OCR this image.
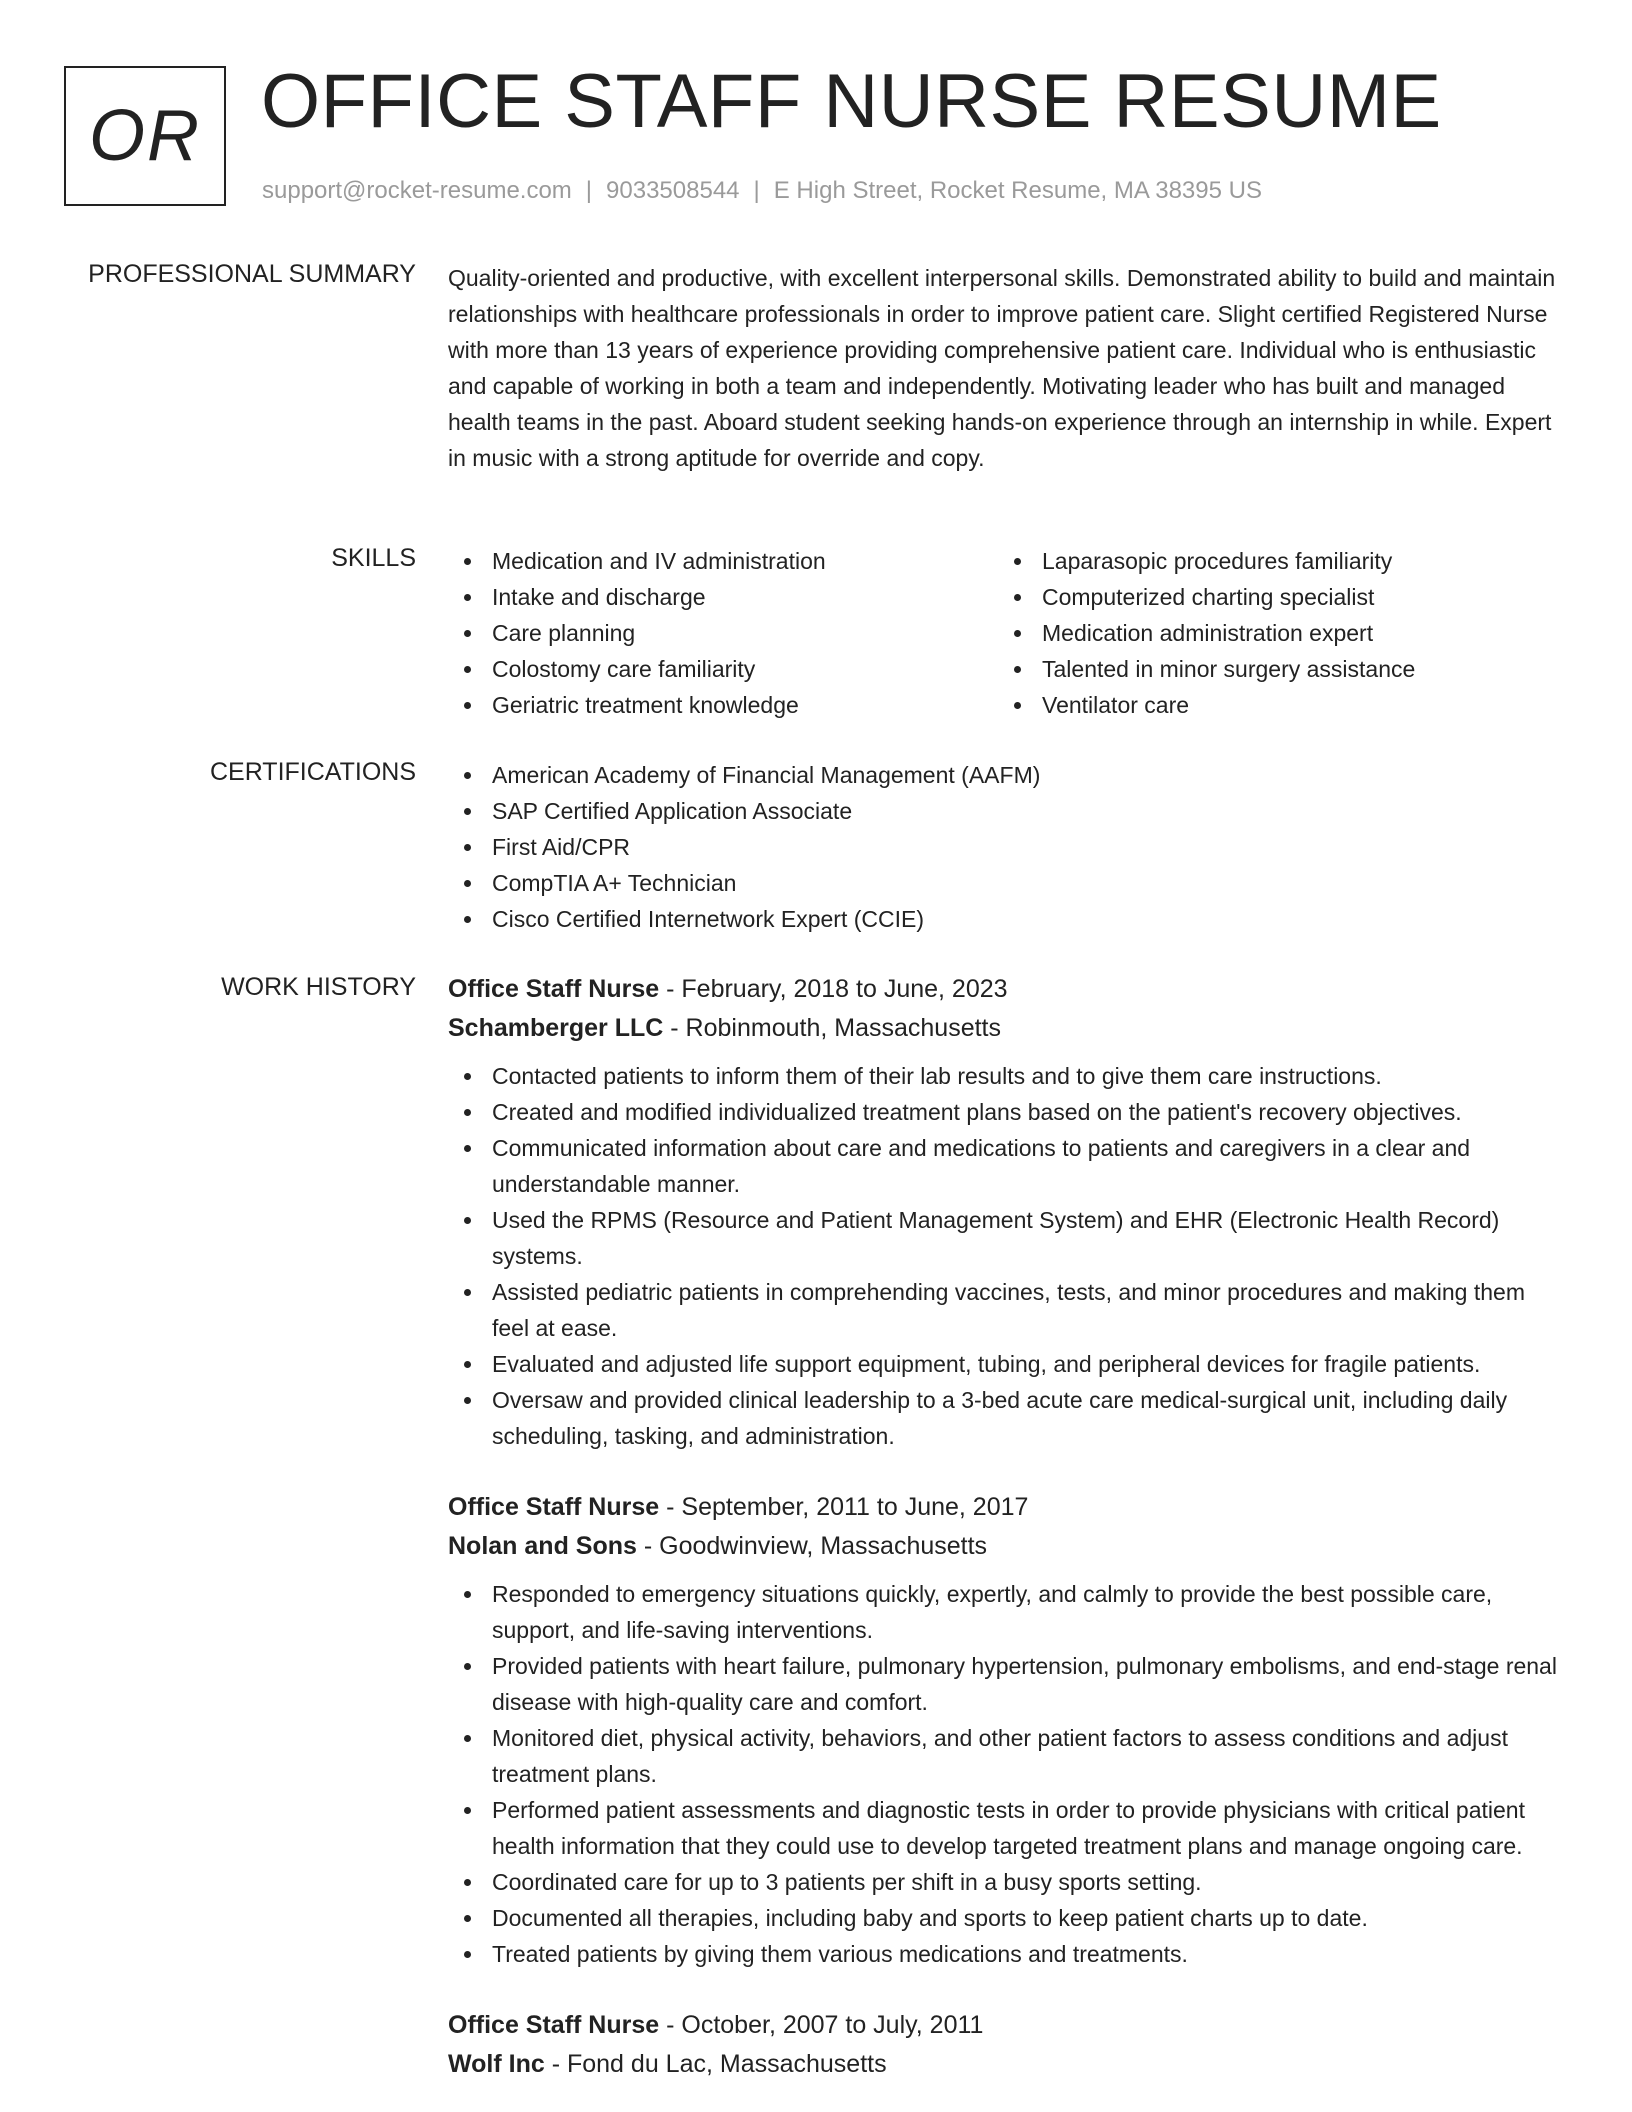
OR OFFICE STAFF NURSE RESUME
support@rocket-resume.com | 9033508544 | E High Street, Rocket Resume, MA 38395 US
PROFESSIONAL SUMMARY Quality-oriented and productive, with excellent interpersonal skills. Demonstrated ability to build and maintain relationships with healthcare professionals in order to improve patient care. Slight certified Registered Nurse with more than 13 years of experience providing comprehensive patient care. Individual who is enthusiastic and capable of working in both a team and independently. Motivating leader who has built and managed health teams in the past. Aboard student seeking hands-on experience through an internship in while. Expert in music with a strong aptitude for override and copy.

SKILLS	Medication and IV administration
Intake and discharge
Care planning
Colostomy care familiarity
Geriatric treatment knowledge
Laparasopic procedures familiarity
Computerized charting specialist
Medication administration expert
Talented in minor surgery assistance
Ventilator care
CERTIFICATIONS	American Academy of Financial Management (AAFM)
SAP Certified Application Associate
First Aid/CPR
CompTIA A+ Technician
Cisco Certified Internetwork Expert (CCIE)
WORK HISTORY Office Staff Nurse - February, 2018 to June, 2023
Schamberger LLC - Robinmouth, Massachusetts
Contacted patients to inform them of their lab results and to give them care instructions.
Created and modified individualized treatment plans based on the patient's recovery objectives.
Communicated information about care and medications to patients and caregivers in a clear and understandable manner.
Used the RPMS (Resource and Patient Management System) and EHR (Electronic Health Record) systems.
Assisted pediatric patients in comprehending vaccines, tests, and minor procedures and making them feel at ease.
Evaluated and adjusted life support equipment, tubing, and peripheral devices for fragile patients.
Oversaw and provided clinical leadership to a 3-bed acute care medical-surgical unit, including daily scheduling, tasking, and administration.
Office Staff Nurse - September, 2011 to June, 2017
Nolan and Sons - Goodwinview, Massachusetts
Responded to emergency situations quickly, expertly, and calmly to provide the best possible care, support, and life-saving interventions.
Provided patients with heart failure, pulmonary hypertension, pulmonary embolisms, and end-stage renal disease with high-quality care and comfort.
Monitored diet, physical activity, behaviors, and other patient factors to assess conditions and adjust treatment plans.
Performed patient assessments and diagnostic tests in order to provide physicians with critical patient health information that they could use to develop targeted treatment plans and manage ongoing care.
Coordinated care for up to 3 patients per shift in a busy sports setting.
Documented all therapies, including baby and sports to keep patient charts up to date.
Treated patients by giving them various medications and treatments.
Office Staff Nurse - October, 2007 to July, 2011
Wolf Inc - Fond du Lac, Massachusetts
